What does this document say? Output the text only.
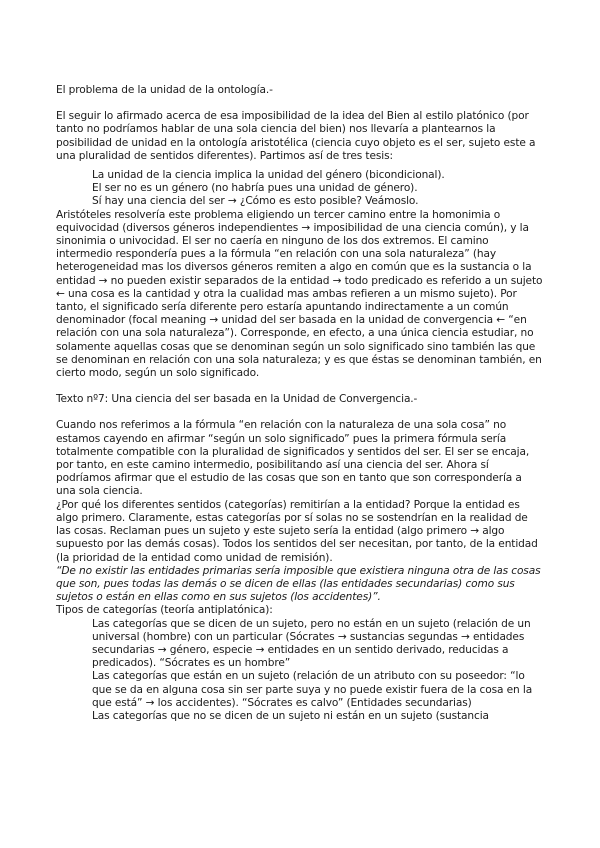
El problema de la unidad de la ontología.-

El seguir lo afirmado acerca de esa imposibilidad de la idea del Bien al estilo platónico (por tanto no podríamos hablar de una sola ciencia del bien) nos llevaría a plantearnos la posibilidad de unidad en la ontología aristotélica (ciencia cuyo objeto es el ser, sujeto este a una pluralidad de sentidos diferentes). Partimos así de tres tesis:

La unidad de la ciencia implica la unidad del género (bicondicional).

El ser no es un género (no habría pues una unidad de género).

Sí hay una ciencia del ser → ¿Cómo es esto posible? Veámoslo.

Aristóteles resolvería este problema eligiendo un tercer camino entre la homonimia o equivocidad (diversos géneros independientes → imposibilidad de una ciencia común), y la sinonimia o univocidad. El ser no caería en ninguno de los dos extremos. El camino intermedio respondería pues a la fórmula “en relación con una sola naturaleza” (hay heterogeneidad mas los diversos géneros remiten a algo en común que es la sustancia o la entidad → no pueden existir separados de la entidad → todo predicado es referido a un sujeto ← una cosa es la cantidad y otra la cualidad mas ambas refieren a un mismo sujeto). Por tanto, el significado sería diferente pero estaría apuntando indirectamente a un común denominador (focal meaning → unidad del ser basada en la unidad de convergencia ← “en relación con una sola naturaleza”). Corresponde, en efecto, a una única ciencia estudiar, no solamente aquellas cosas que se denominan según un solo significado sino también las que se denominan en relación con una sola naturaleza; y es que éstas se denominan también, en cierto modo, según un solo significado.

Texto nº7: Una ciencia del ser basada en la Unidad de Convergencia.-

Cuando nos referimos a la fórmula “en relación con la naturaleza de una sola cosa” no estamos cayendo en afirmar “según un solo significado” pues la primera fórmula sería totalmente compatible con la pluralidad de significados y sentidos del ser. El ser se encaja, por tanto, en este camino intermedio, posibilitando así una ciencia del ser. Ahora sí podríamos afirmar que el estudio de las cosas que son en tanto que son correspondería a una sola ciencia.

¿Por qué los diferentes sentidos (categorías) remitirían a la entidad? Porque la entidad es algo primero. Claramente, estas categorías por sí solas no se sostendrían en la realidad de las cosas. Reclaman pues un sujeto y este sujeto sería la entidad (algo primero → algo supuesto por las demás cosas). Todos los sentidos del ser necesitan, por tanto, de la entidad (la prioridad de la entidad como unidad de remisión).

“De no existir las entidades primarias sería imposible que existiera ninguna otra de las cosas que son, pues todas las demás o se dicen de ellas (las entidades secundarias) como sus sujetos o están en ellas como en sus sujetos (los accidentes)”.

Tipos de categorías (teoría antiplatónica):

Las categorías que se dicen de un sujeto, pero no están en un sujeto (relación de un universal (hombre) con un particular (Sócrates → sustancias segundas → entidades secundarias → género, especie → entidades en un sentido derivado, reducidas a predicados). “Sócrates es un hombre”

Las categorías que están en un sujeto (relación de un atributo con su poseedor: “lo que se da en alguna cosa sin ser parte suya y no puede existir fuera de la cosa en la que está” → los accidentes). “Sócrates es calvo” (Entidades secundarias)

Las categorías que no se dicen de un sujeto ni están en un sujeto (sustancia
